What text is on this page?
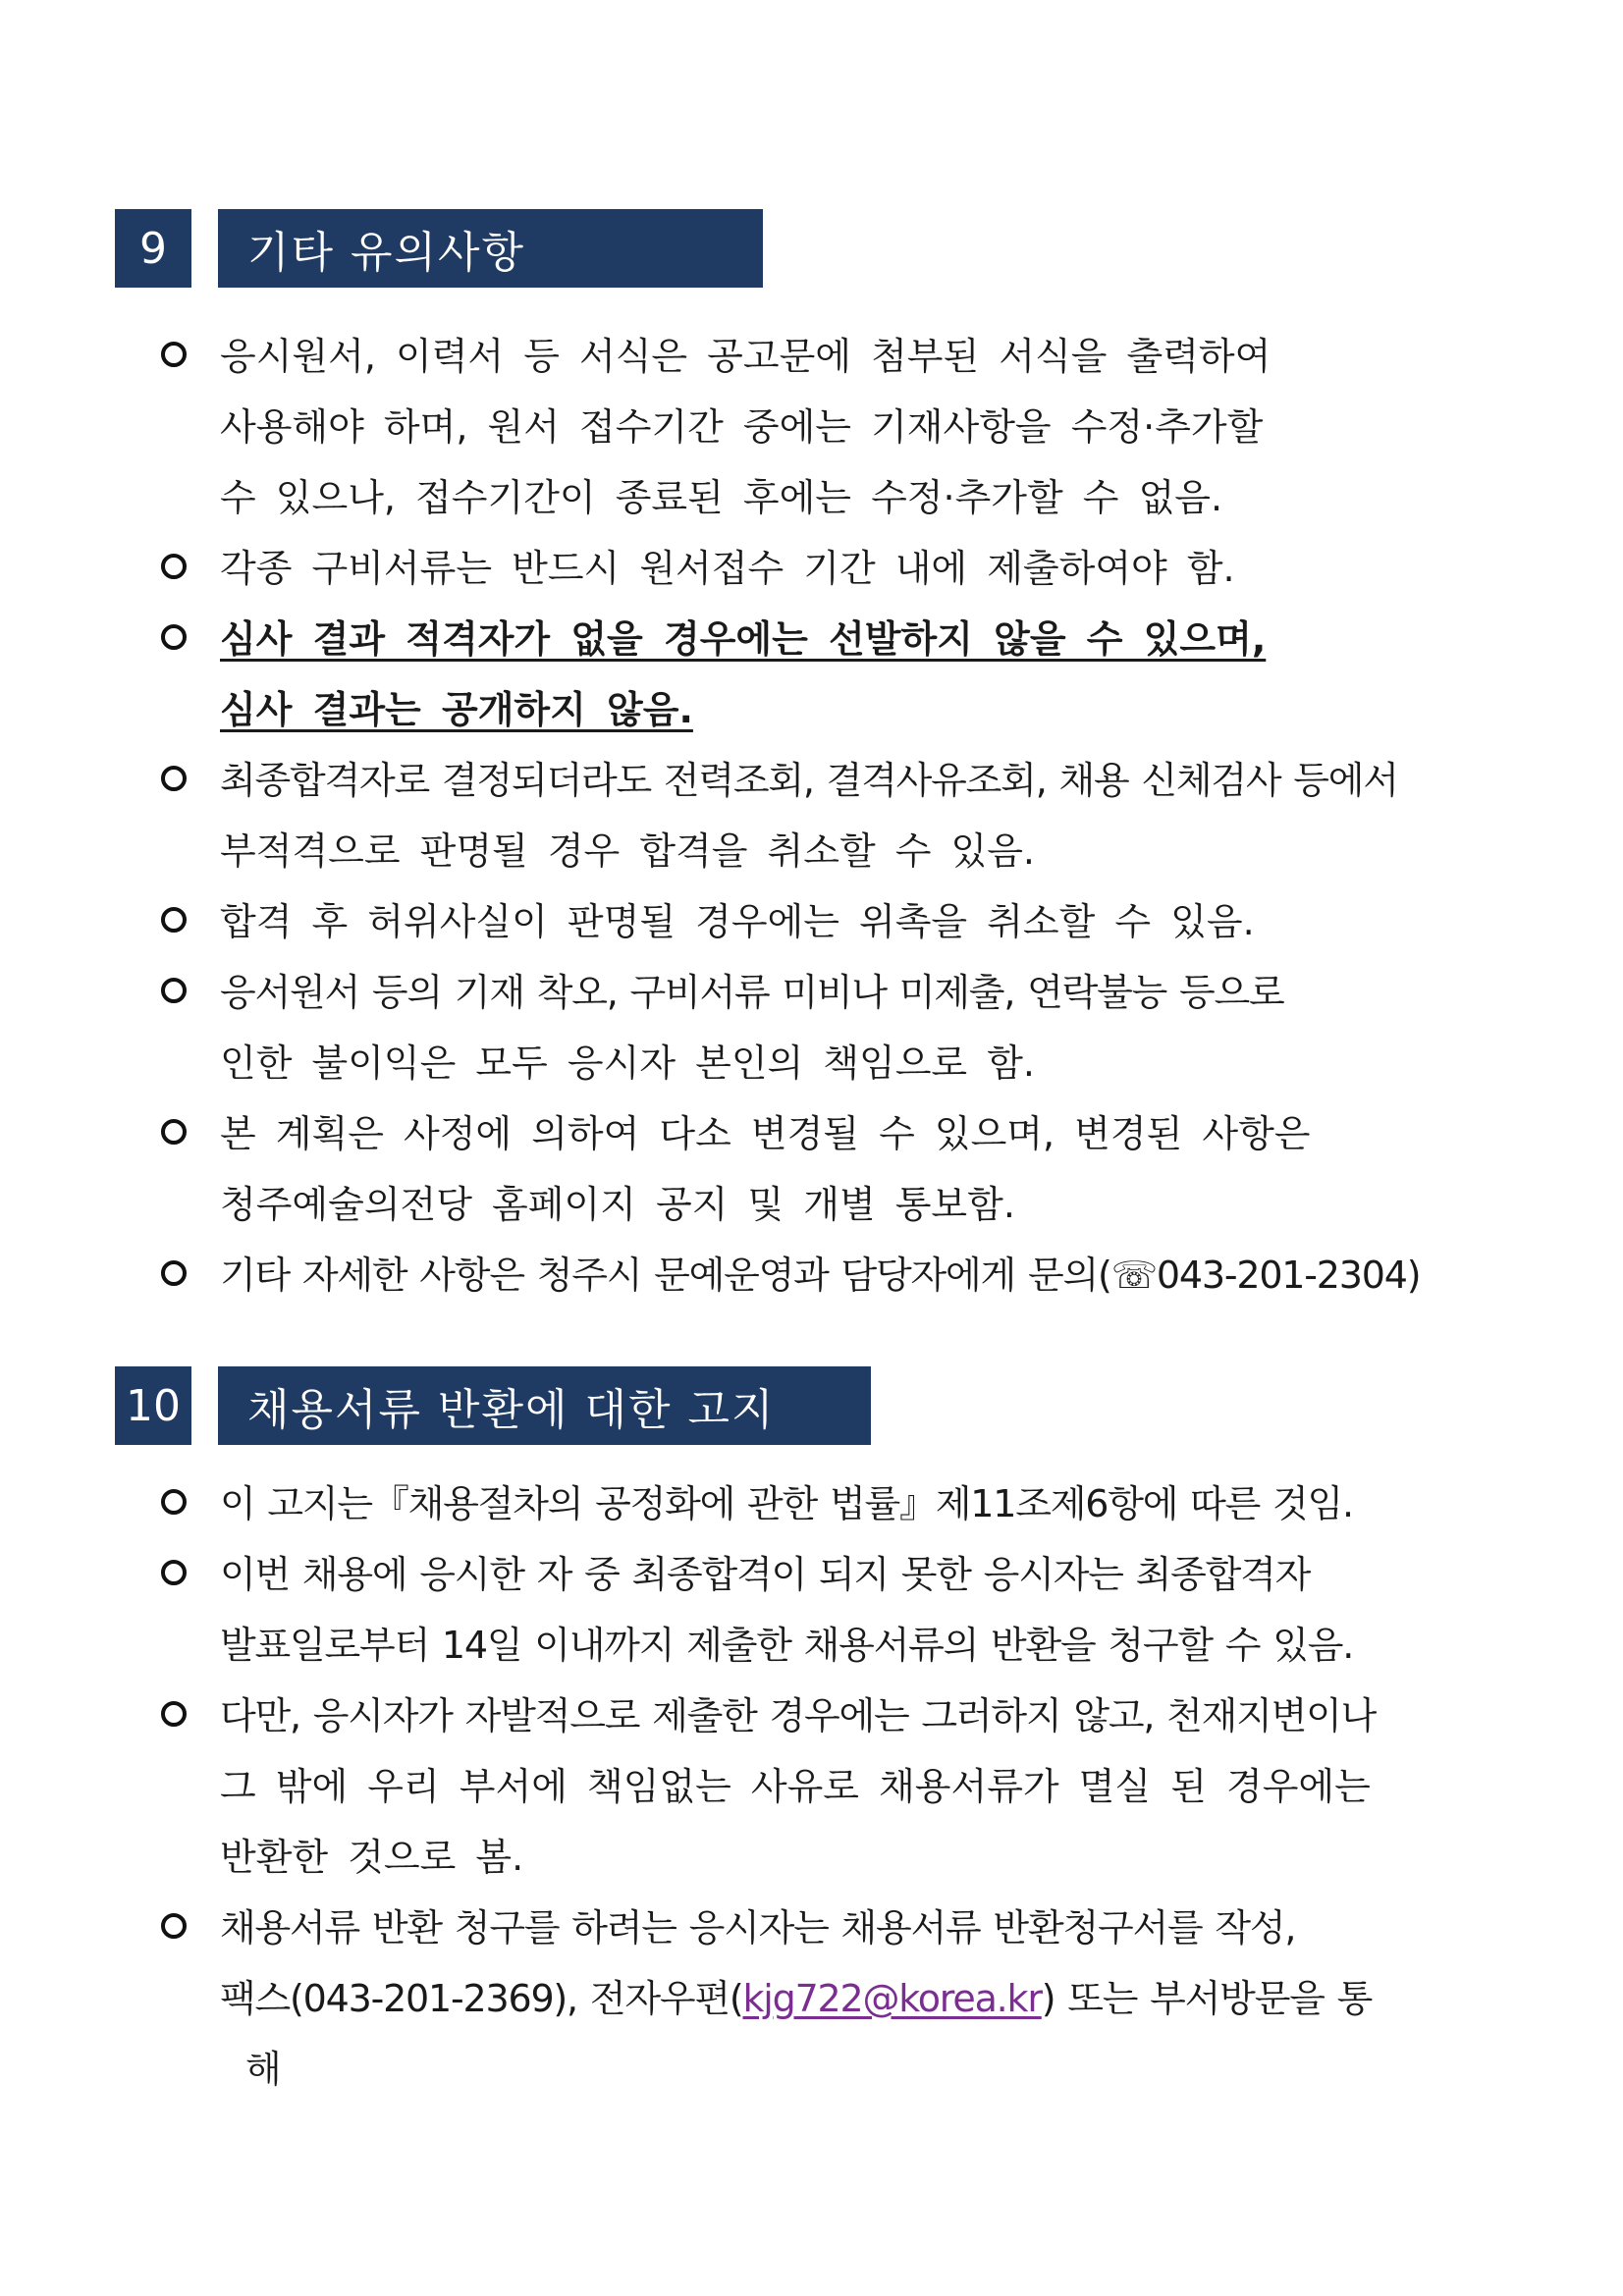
9	기타 유의사항
응시원서, 이력서 등 서식은 공고문에 첨부된 서식을 출력하여
사용해야 하며, 원서 접수기간 중에는 기재사항을 수정·추가할
수 있으나, 접수기간이 종료된 후에는 수정·추가할 수 없음.
각종 구비서류는 반드시 원서접수 기간 내에 제출하여야 함.
심사 결과 적격자가 없을 경우에는 선발하지 않을 수 있으며,
심사 결과는 공개하지 않음.
최종합격자로 결정되더라도 전력조회, 결격사유조회, 채용 신체검사 등에서
부적격으로 판명될 경우 합격을 취소할 수 있음.
합격 후 허위사실이 판명될 경우에는 위촉을 취소할 수 있음.
응서원서 등의 기재 착오, 구비서류 미비나 미제출, 연락불능 등으로
인한 불이익은 모두 응시자 본인의 책임으로 함.
본 계획은 사정에 의하여 다소 변경될 수 있으며, 변경된 사항은
청주예술의전당 홈페이지 공지 및 개별 통보함.
기타 자세한 사항은 청주시 문예운영과 담당자에게 문의(☏043-201-2304)
10	채용서류 반환에 대한 고지
이 고지는『채용절차의 공정화에 관한 법률』제11조제6항에 따른 것임.
이번 채용에 응시한 자 중 최종합격이 되지 못한 응시자는 최종합격자
발표일로부터 14일 이내까지 제출한 채용서류의 반환을 청구할 수 있음.
다만, 응시자가 자발적으로 제출한 경우에는 그러하지 않고, 천재지변이나
그 밖에 우리 부서에 책임없는 사유로 채용서류가 멸실 된 경우에는
반환한 것으로 봄.
채용서류 반환 청구를 하려는 응시자는 채용서류 반환청구서를 작성,
팩스(043-201-2369), 전자우편(kjg722@korea.kr) 또는 부서방문을 통
해
